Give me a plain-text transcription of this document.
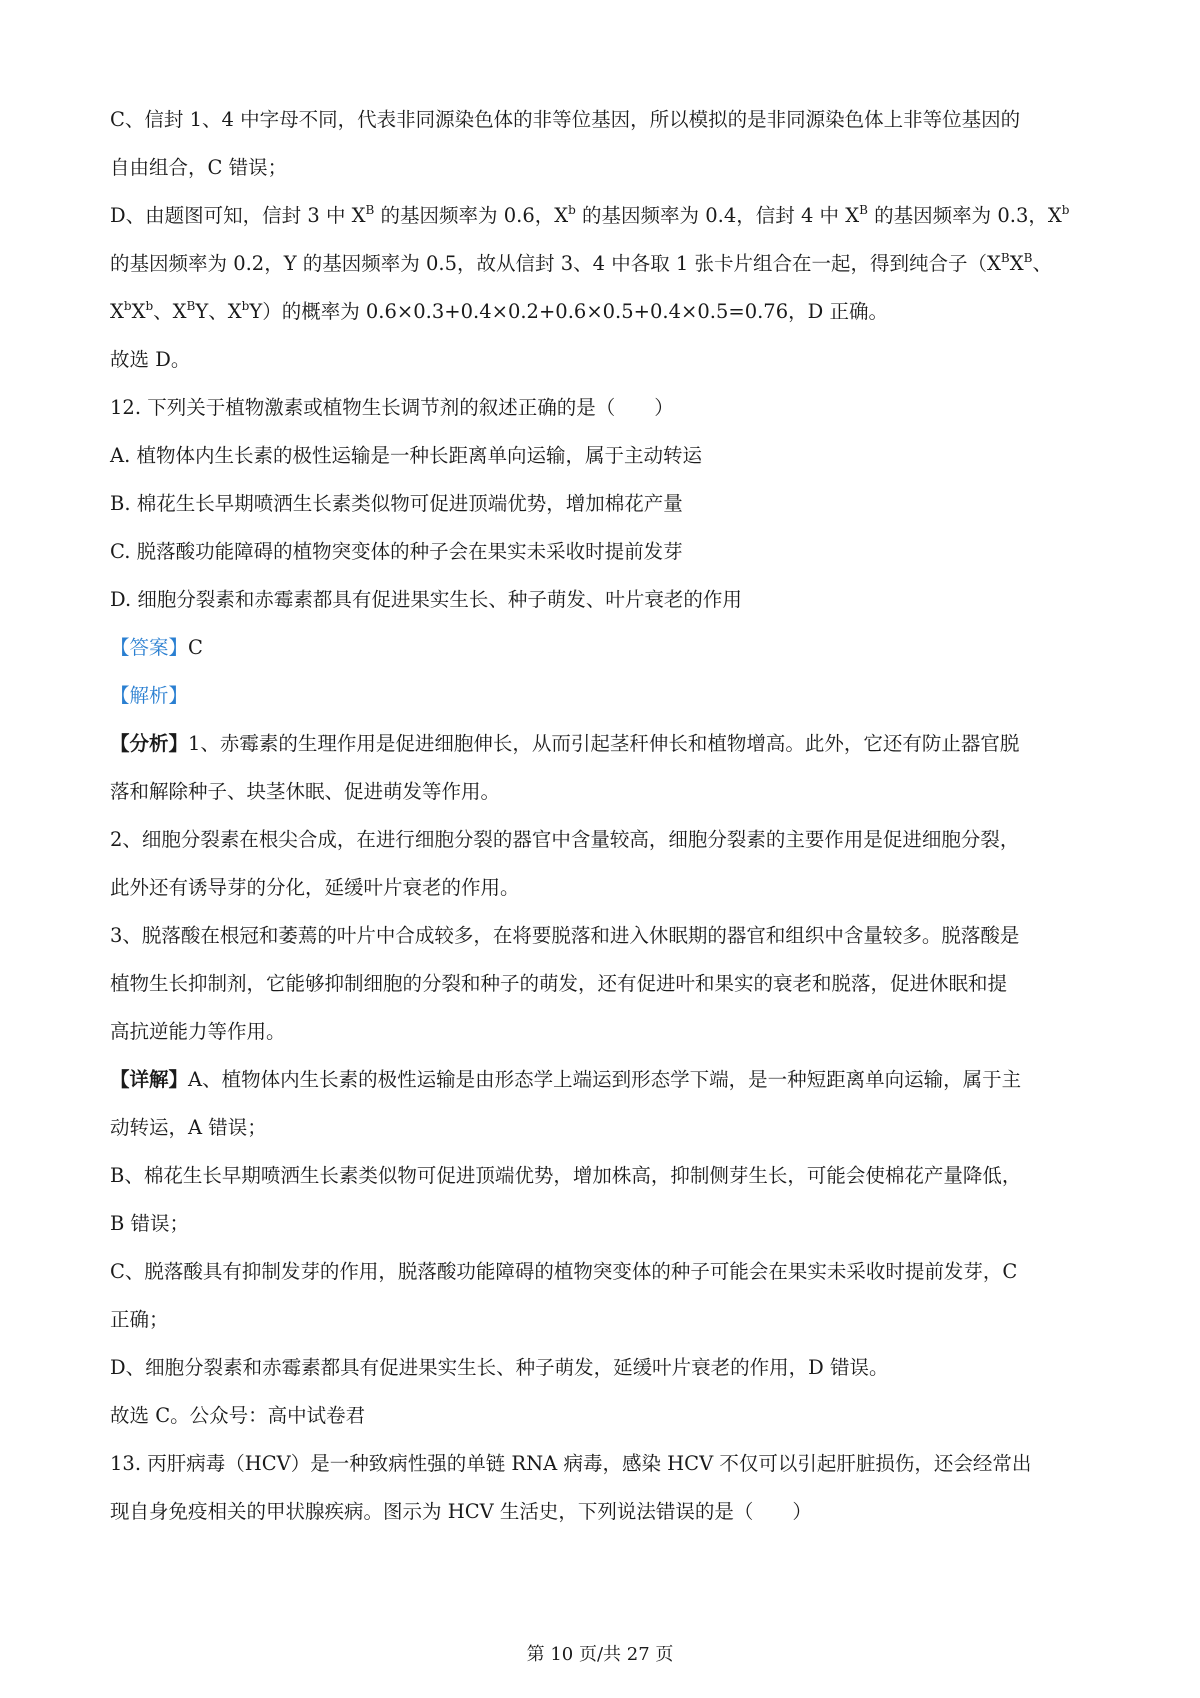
C、信封 1、4 中字母不同，代表非同源染色体的非等位基因，所以模拟的是非同源染色体上非等位基因的
自由组合，C 错误；
D、由题图可知，信封 3 中 $X^B$ 的基因频率为 0.6，$X^b$ 的基因频率为 0.4，信封 4 中 $X^B$ 的基因频率为 0.3，$X^b$
的基因频率为 0.2，Y 的基因频率为 0.5，故从信封 3、4 中各取 1 张卡片组合在一起，得到纯合子（$X^BX^B$、
$X^bX^b$、$X^BY$、$X^bY$）的概率为 0.6×0.3+0.4×0.2+0.6×0.5+0.4×0.5=0.76，D 正确。
故选 D。
12. 下列关于植物激素或植物生长调节剂的叙述正确的是（　　）
A. 植物体内生长素的极性运输是一种长距离单向运输，属于主动转运
B. 棉花生长早期喷洒生长素类似物可促进顶端优势，增加棉花产量
C. 脱落酸功能障碍的植物突变体的种子会在果实未采收时提前发芽
D. 细胞分裂素和赤霉素都具有促进果实生长、种子萌发、叶片衰老的作用
【答案】C
【解析】
【分析】1、赤霉素的生理作用是促进细胞伸长，从而引起茎秆伸长和植物增高。此外，它还有防止器官脱
落和解除种子、块茎休眠、促进萌发等作用。
2、细胞分裂素在根尖合成，在进行细胞分裂的器官中含量较高，细胞分裂素的主要作用是促进细胞分裂，
此外还有诱导芽的分化，延缓叶片衰老的作用。
3、脱落酸在根冠和萎蔫的叶片中合成较多，在将要脱落和进入休眠期的器官和组织中含量较多。脱落酸是
植物生长抑制剂，它能够抑制细胞的分裂和种子的萌发，还有促进叶和果实的衰老和脱落，促进休眠和提
高抗逆能力等作用。
【详解】A、植物体内生长素的极性运输是由形态学上端运到形态学下端，是一种短距离单向运输，属于主
动转运，A 错误；
B、棉花生长早期喷洒生长素类似物可促进顶端优势，增加株高，抑制侧芽生长，可能会使棉花产量降低，
B 错误；
C、脱落酸具有抑制发芽的作用，脱落酸功能障碍的植物突变体的种子可能会在果实未采收时提前发芽，C
正确；
D、细胞分裂素和赤霉素都具有促进果实生长、种子萌发，延缓叶片衰老的作用，D 错误。
故选 C。公众号：高中试卷君
13. 丙肝病毒（HCV）是一种致病性强的单链 RNA 病毒，感染 HCV 不仅可以引起肝脏损伤，还会经常出
现自身免疫相关的甲状腺疾病。图示为 HCV 生活史，下列说法错误的是（　　）
第 10 页/共 27 页
